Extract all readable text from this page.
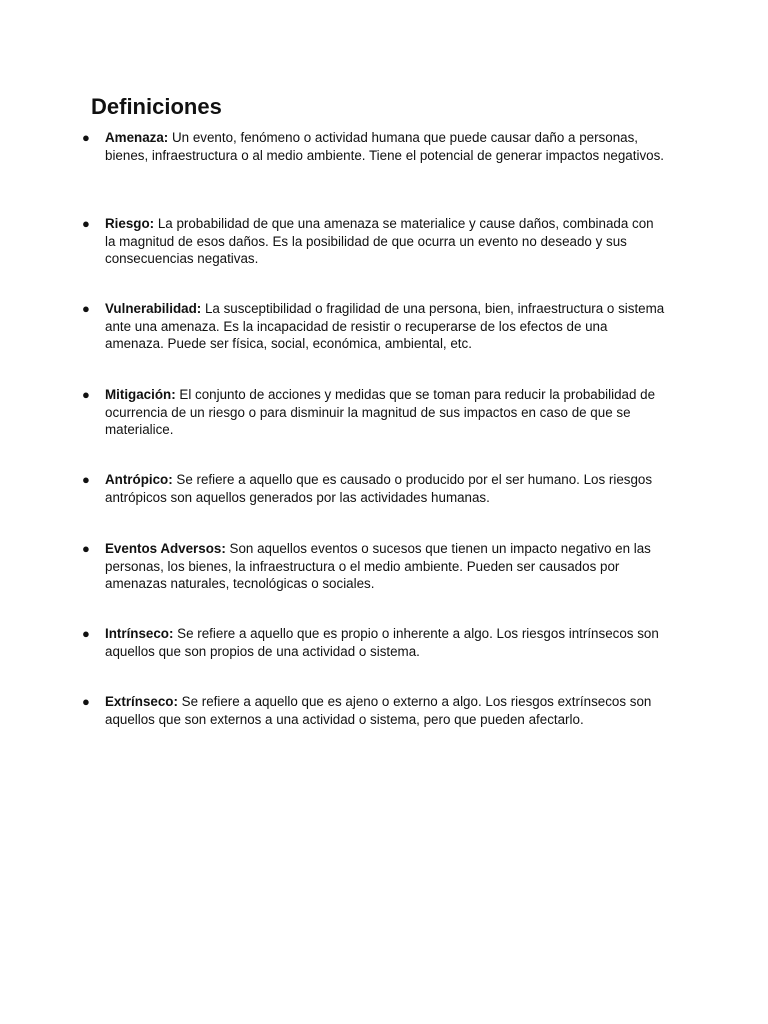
Definiciones
●	Amenaza: Un evento, fenómeno o actividad humana que puede causar daño a personas, bienes, infraestructura o al medio ambiente. Tiene el potencial de generar impactos negativos.
●	Riesgo: La probabilidad de que una amenaza se materialice y cause daños, combinada con la magnitud de esos daños. Es la posibilidad de que ocurra un evento no deseado y sus consecuencias negativas.
●	Vulnerabilidad: La susceptibilidad o fragilidad de una persona, bien, infraestructura o sistema ante una amenaza. Es la incapacidad de resistir o recuperarse de los efectos de una amenaza. Puede ser física, social, económica, ambiental, etc.
●	Mitigación: El conjunto de acciones y medidas que se toman para reducir la probabilidad de ocurrencia de un riesgo o para disminuir la magnitud de sus impactos en caso de que se materialice.
●	Antrópico: Se refiere a aquello que es causado o producido por el ser humano. Los riesgos antrópicos son aquellos generados por las actividades humanas.
●	Eventos Adversos: Son aquellos eventos o sucesos que tienen un impacto negativo en las personas, los bienes, la infraestructura o el medio ambiente. Pueden ser causados por amenazas naturales, tecnológicas o sociales.
●	Intrínseco: Se refiere a aquello que es propio o inherente a algo. Los riesgos intrínsecos son aquellos que son propios de una actividad o sistema.
●	Extrínseco: Se refiere a aquello que es ajeno o externo a algo. Los riesgos extrínsecos son aquellos que son externos a una actividad o sistema, pero que pueden afectarlo.
